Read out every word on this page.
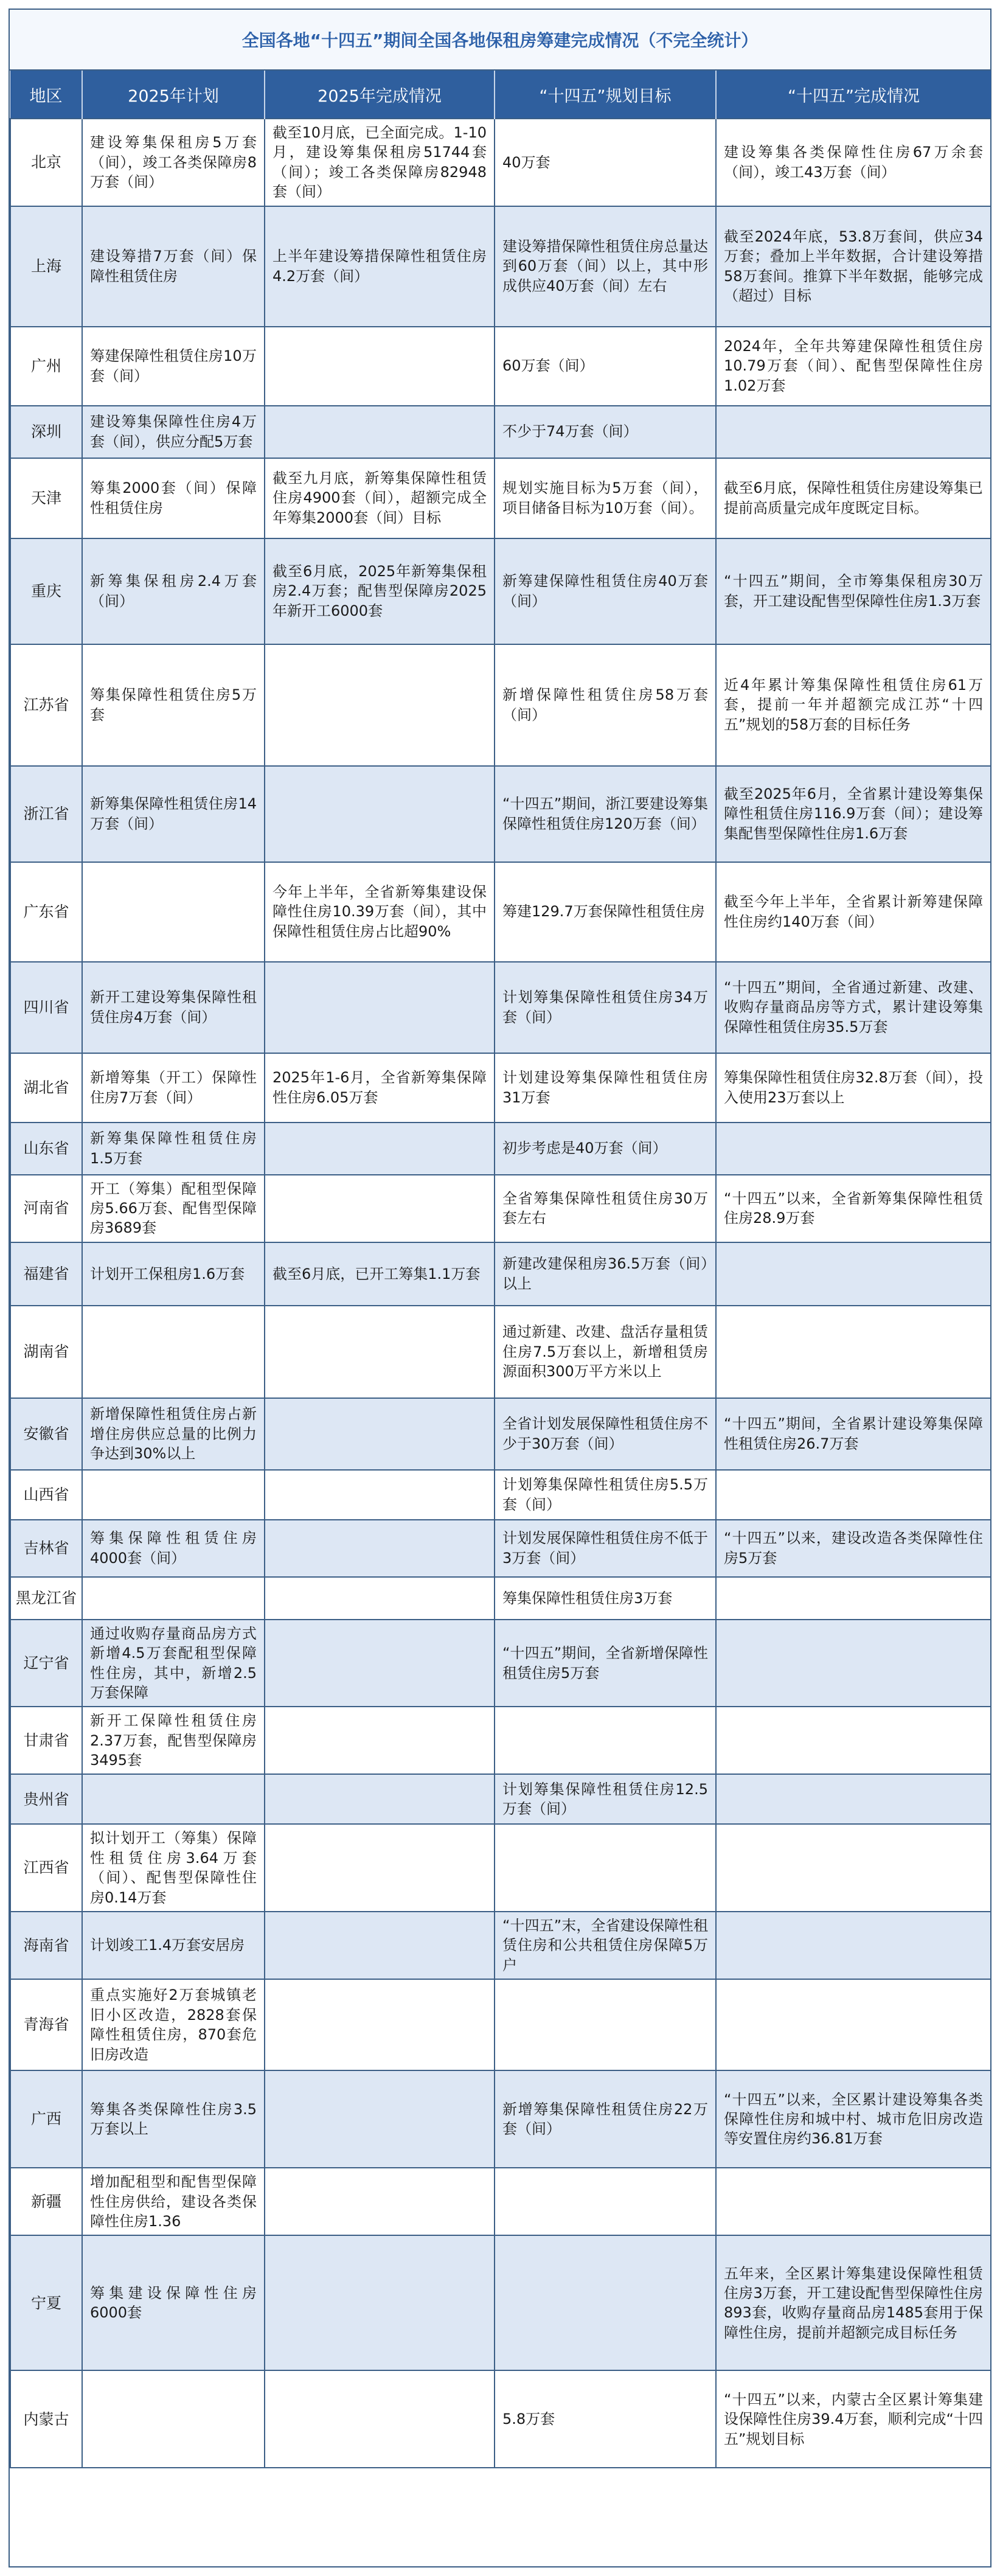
全国各地“十四五”期间全国各地保租房筹建完成情况（不完全统计）
地区	2025年计划	2025年完成情况	“十四五”规划目标	“十四五”完成情况
北京	建设筹集保租房5万套（间），竣工各类保障房8万套（间）	截至10月底，已全面完成。1-10月，建设筹集保租房51744套（间）；竣工各类保障房82948套（间）	40万套	建设筹集各类保障性住房67万余套（间），竣工43万套（间）
上海	建设筹措7万套（间）保障性租赁住房	上半年建设筹措保障性租赁住房4.2万套（间）	建设筹措保障性租赁住房总量达到60万套（间）以上，其中形成供应40万套（间）左右	截至2024年底，53.8万套间，供应34万套；叠加上半年数据，合计建设筹措58万套间。推算下半年数据，能够完成（超过）目标
广州	筹建保障性租赁住房10万套（间）		60万套（间）	2024年，全年共筹建保障性租赁住房10.79万套（间）、配售型保障性住房1.02万套
深圳	建设筹集保障性住房4万套（间），供应分配5万套		不少于74万套（间）	
天津	筹集2000套（间）保障性租赁住房	截至九月底，新筹集保障性租赁住房4900套（间），超额完成全年筹集2000套（间）目标	规划实施目标为5万套（间），项目储备目标为10万套（间）。	截至6月底，保障性租赁住房建设筹集已提前高质量完成年度既定目标。
重庆	新筹集保租房2.4万套（间）	截至6月底，2025年新筹集保租房2.4万套；配售型保障房2025年新开工6000套	新筹建保障性租赁住房40万套（间）	“十四五”期间，全市筹集保租房30万套，开工建设配售型保障性住房1.3万套
江苏省	筹集保障性租赁住房5万套		新增保障性租赁住房58万套（间）	近4年累计筹集保障性租赁住房61万套，提前一年并超额完成江苏“十四五”规划的58万套的目标任务
浙江省	新筹集保障性租赁住房14万套（间）		“十四五”期间，浙江要建设筹集保障性租赁住房120万套（间）	截至2025年6月，全省累计建设筹集保障性租赁住房116.9万套（间）；建设筹集配售型保障性住房1.6万套
广东省		今年上半年，全省新筹集建设保障性住房10.39万套（间），其中保障性租赁住房占比超90%	筹建129.7万套保障性租赁住房	截至今年上半年，全省累计新筹建保障性住房约140万套（间）
四川省	新开工建设筹集保障性租赁住房4万套（间）		计划筹集保障性租赁住房34万套（间）	“十四五”期间，全省通过新建、改建、收购存量商品房等方式，累计建设筹集保障性租赁住房35.5万套
湖北省	新增筹集（开工）保障性住房7万套（间）	2025年1-6月，全省新筹集保障性住房6.05万套	计划建设筹集保障性租赁住房31万套	筹集保障性租赁住房32.8万套（间），投入使用23万套以上
山东省	新筹集保障性租赁住房1.5万套		初步考虑是40万套（间）	
河南省	开工（筹集）配租型保障房5.66万套、配售型保障房3689套		全省筹集保障性租赁住房30万套左右	“十四五”以来，全省新筹集保障性租赁住房28.9万套
福建省	计划开工保租房1.6万套	截至6月底，已开工筹集1.1万套	新建改建保租房36.5万套（间）以上	
湖南省			通过新建、改建、盘活存量租赁住房7.5万套以上，新增租赁房源面积300万平方米以上	
安徽省	新增保障性租赁住房占新增住房供应总量的比例力争达到30%以上		全省计划发展保障性租赁住房不少于30万套（间）	“十四五”期间，全省累计建设筹集保障性租赁住房26.7万套
山西省			计划筹集保障性租赁住房5.5万套（间）	
吉林省	筹集保障性租赁住房4000套（间）		计划发展保障性租赁住房不低于3万套（间）	“十四五”以来，建设改造各类保障性住房5万套
黑龙江省			筹集保障性租赁住房3万套	
辽宁省	通过收购存量商品房方式新增4.5万套配租型保障性住房，其中，新增2.5万套保障		“十四五”期间，全省新增保障性租赁住房5万套	
甘肃省	新开工保障性租赁住房2.37万套，配售型保障房3495套			
贵州省			计划筹集保障性租赁住房12.5万套（间）	
江西省	拟计划开工（筹集）保障性租赁住房3.64万套（间）、配售型保障性住房0.14万套			
海南省	计划竣工1.4万套安居房		“十四五”末，全省建设保障性租赁住房和公共租赁住房保障5万户	
青海省	重点实施好2万套城镇老旧小区改造，2828套保障性租赁住房，870套危旧房改造			
广西	筹集各类保障性住房3.5万套以上		新增筹集保障性租赁住房22万套（间）	“十四五”以来，全区累计建设筹集各类保障性住房和城中村、城市危旧房改造等安置住房约36.81万套
新疆	增加配租型和配售型保障性住房供给，建设各类保障性住房1.36			
宁夏	筹集建设保障性住房6000套			五年来，全区累计筹集建设保障性租赁住房3万套，开工建设配售型保障性住房893套，收购存量商品房1485套用于保障性住房，提前并超额完成目标任务
内蒙古			5.8万套	“十四五”以来，内蒙古全区累计筹集建设保障性住房39.4万套，顺利完成“十四五”规划目标
